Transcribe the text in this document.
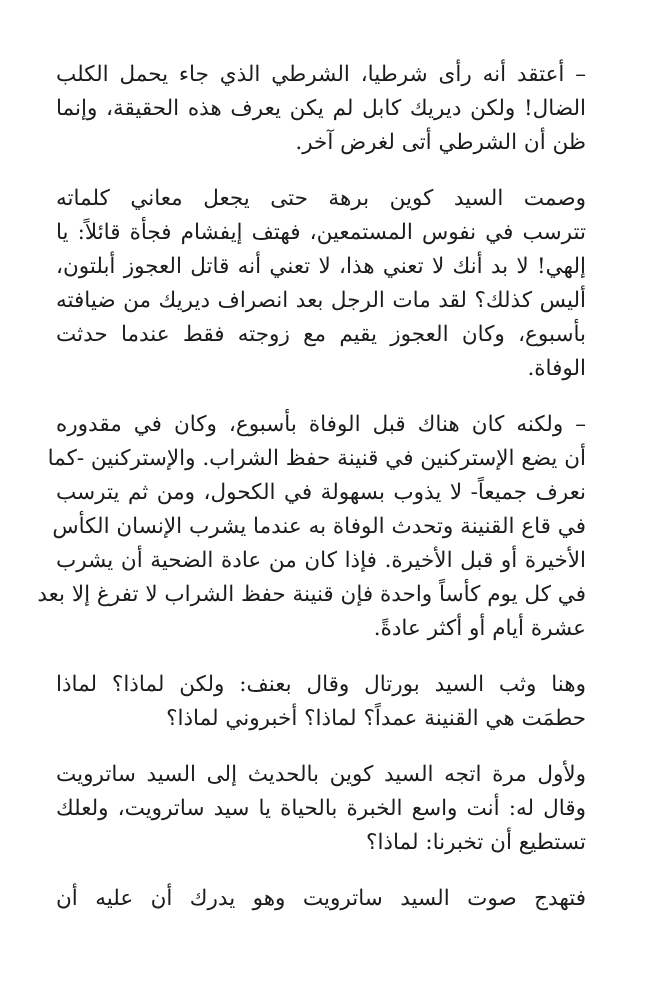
– أعتقد أنه رأى شرطيا، الشرطي الذي جاء يحمل الكلب
الضال! ولكن ديريك كابل لم يكن يعرف هذه الحقيقة، وإنما
ظن أن الشرطي أتى لغرض آخر.
وصمت السيد كوين برهة حتى يجعل معاني كلماته
تترسب في نفوس المستمعين، فهتف إيفشام فجأة قائلاً: يا
إلهي! لا بد أنك لا تعني هذا، لا تعني أنه قاتل العجوز أبلتون،
أليس كذلك؟ لقد مات الرجل بعد انصراف ديريك من ضيافته
بأسبوع، وكان العجوز يقيم مع زوجته فقط عندما حدثت
الوفاة.
– ولكنه كان هناك قبل الوفاة بأسبوع، وكان في مقدوره
أن يضع الإستركنين في قنينة حفظ الشراب. والإستركنين -كما
نعرف جميعاً- لا يذوب بسهولة في الكحول، ومن ثم يترسب
في قاع القنينة وتحدث الوفاة به عندما يشرب الإنسان الكأس
الأخيرة أو قبل الأخيرة. فإذا كان من عادة الضحية أن يشرب
في كل يوم كأساً واحدة فإن قنينة حفظ الشراب لا تفرغ إلا بعد
عشرة أيام أو أكثر عادةً.
وهنا وثب السيد بورتال وقال بعنف: ولكن لماذا؟ لماذا
حطمَت هي القنينة عمداً؟ لماذا؟ أخبروني لماذا؟
ولأول مرة اتجه السيد كوين بالحديث إلى السيد ساترويت
وقال له: أنت واسع الخبرة بالحياة يا سيد ساترويت، ولعلك
تستطيع أن تخبرنا: لماذا؟
فتهدج صوت السيد ساترويت وهو يدرك أن عليه أن
